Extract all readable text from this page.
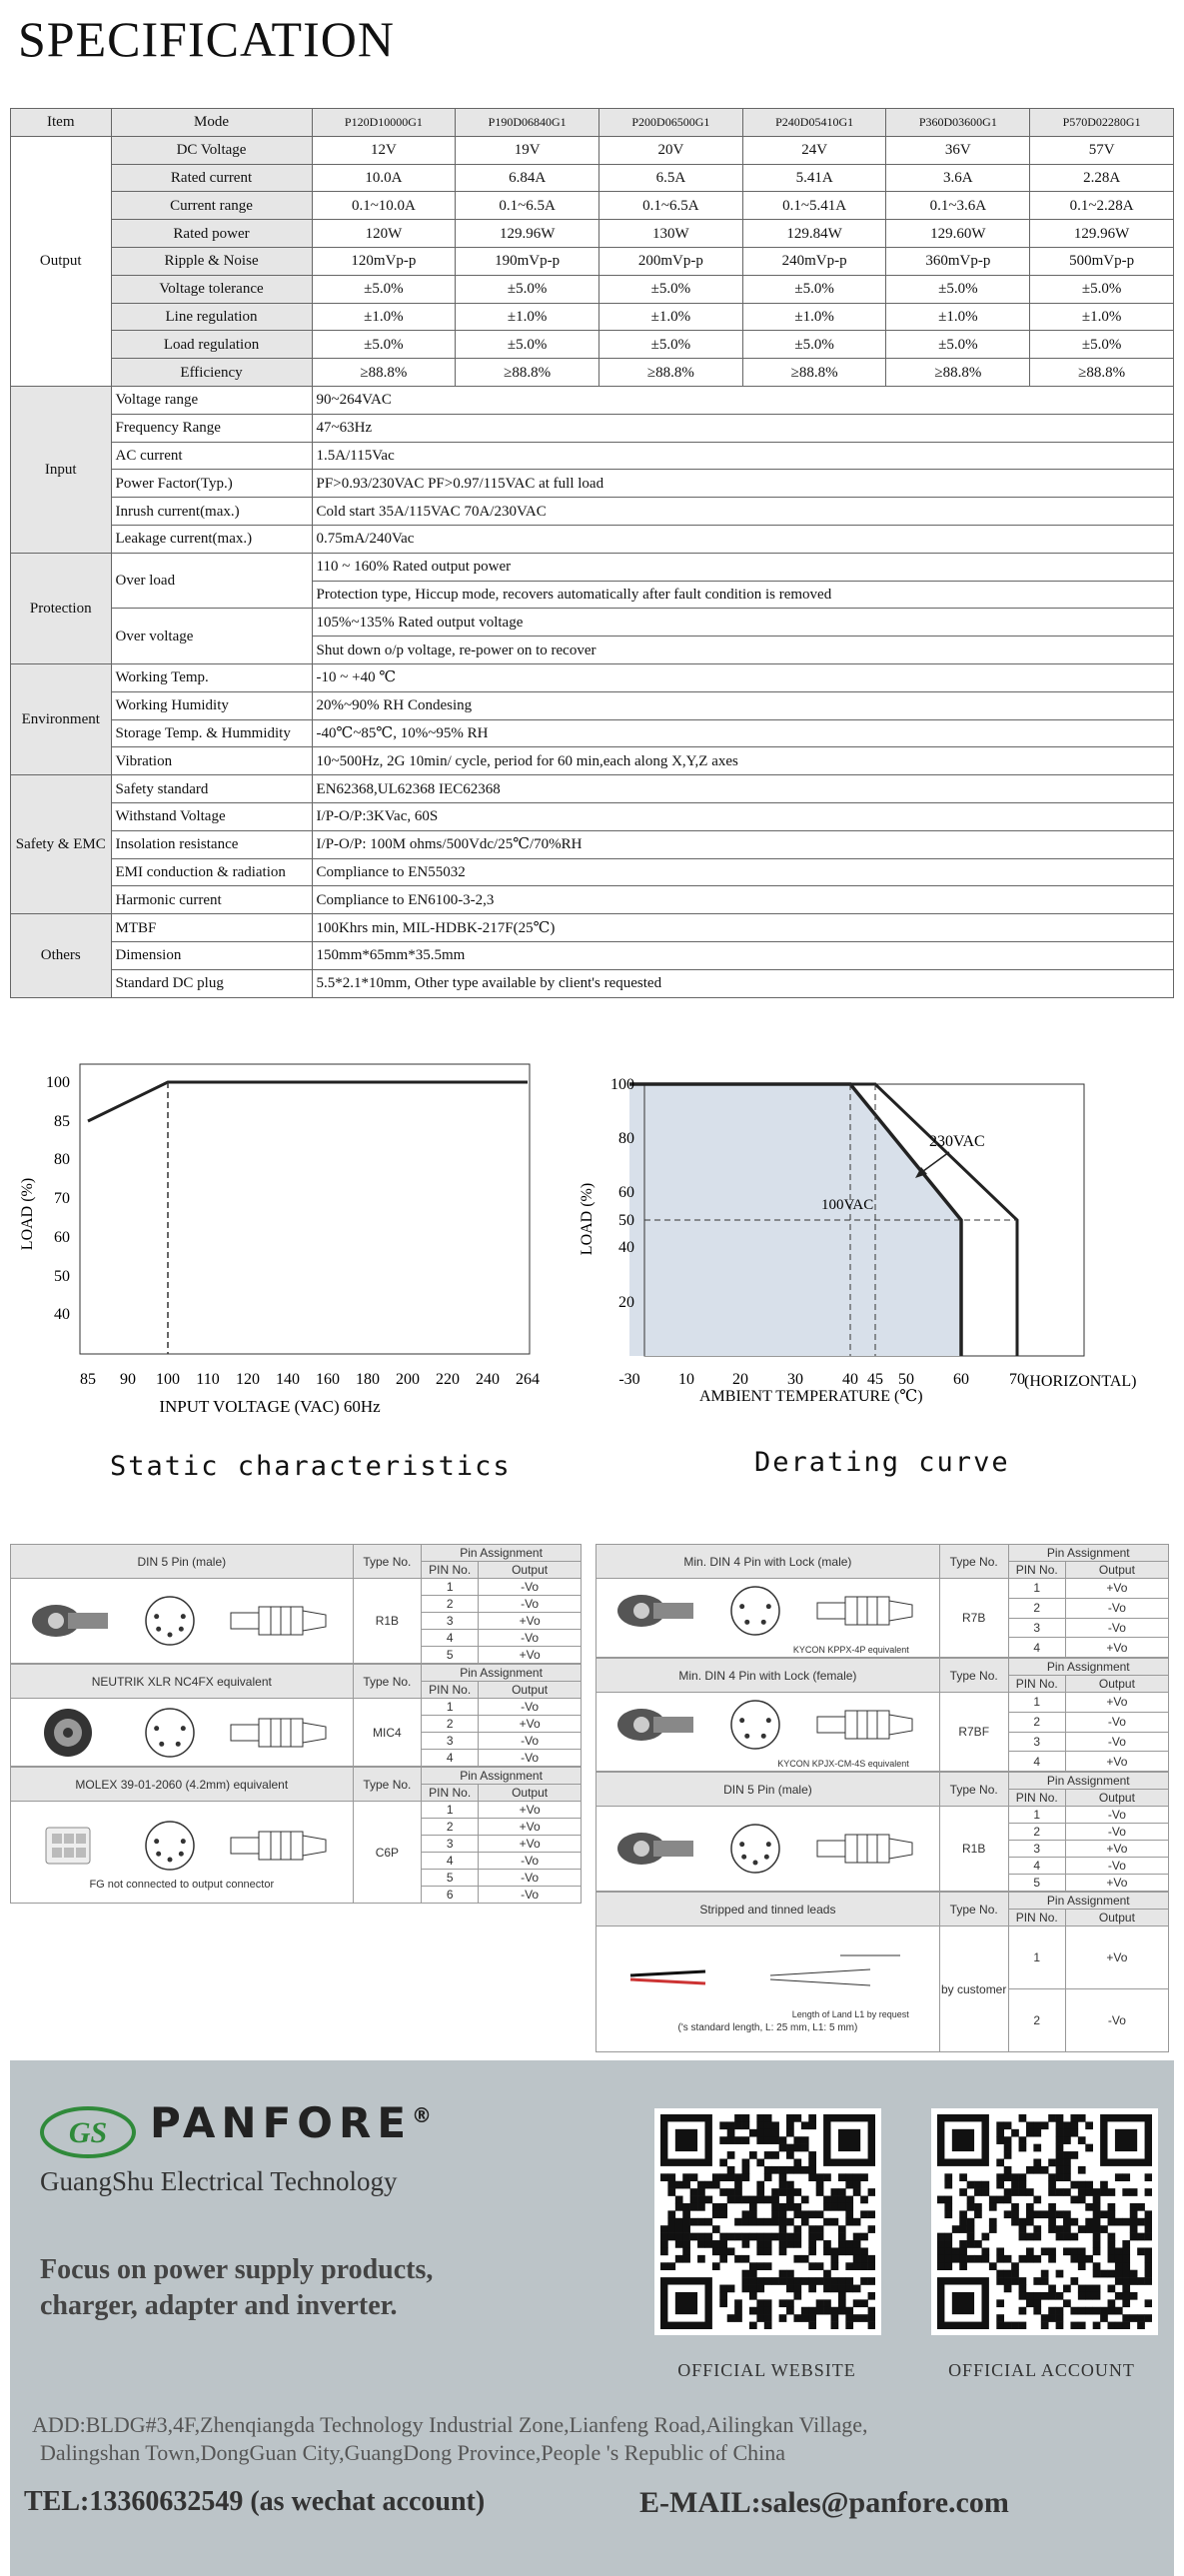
SPECIFICATION
Item	Mode	P120D10000G1	P190D06840G1	P200D06500G1	P240D05410G1	P360D03600G1	P570D02280G1
Output	DC Voltage	12V	19V	20V	24V	36V	57V
	Rated current	10.0A	6.84A	6.5A	5.41A	3.6A	2.28A
	Current range	0.1~10.0A	0.1~6.5A	0.1~6.5A	0.1~5.41A	0.1~3.6A	0.1~2.28A
	Rated power	120W	129.96W	130W	129.84W	129.60W	129.96W
	Ripple & Noise	120mVp-p	190mVp-p	200mVp-p	240mVp-p	360mVp-p	500mVp-p
	Voltage tolerance	±5.0%	±5.0%	±5.0%	±5.0%	±5.0%	±5.0%
	Line regulation	±1.0%	±1.0%	±1.0%	±1.0%	±1.0%	±1.0%
	Load regulation	±5.0%	±5.0%	±5.0%	±5.0%	±5.0%	±5.0%
	Efficiency	≥88.8%	≥88.8%	≥88.8%	≥88.8%	≥88.8%	≥88.8%
Input	Voltage range	90~264VAC					
	Frequency Range	47~63Hz					
	AC current	1.5A/115Vac					
	Power Factor(Typ.)	PF>0.93/230VAC PF>0.97/115VAC at full load					
	Inrush current(max.)	Cold start 35A/115VAC 70A/230VAC					
	Leakage current(max.)	0.75mA/240Vac					
Protection	Over load	110 ~ 160% Rated output power					
		Protection type, Hiccup mode, recovers automatically after fault condition is removed					
	Over voltage	105%~135% Rated output voltage					
		Shut down o/p voltage, re-power on to recover					
Environment	Working Temp.	-10 ~ +40 ℃					
	Working Humidity	20%~90% RH Condesing					
	Storage Temp. & Hummidity	-40℃~85℃, 10%~95% RH					
	Vibration	10~500Hz, 2G 10min/ cycle, period for 60 min,each along X,Y,Z axes					
Safety & EMC	Safety standard	EN62368,UL62368 IEC62368					
	Withstand Voltage	I/P-O/P:3KVac, 60S					
	Insolation resistance	I/P-O/P: 100M ohms/500Vdc/25℃/70%RH					
	EMI conduction & radiation	Compliance to EN55032					
	Harmonic current	Compliance to EN6100-3-2,3					
Others	MTBF	100Khrs min, MIL-HDBK-217F(25℃)					
	Dimension	150mm*65mm*35.5mm					
	Standard DC plug	5.5*2.1*10mm, Other type available by client's requested					
85 90 100 110 120 140 160 180 200 220 240 264
100
85
80
70
60
50
40
LOAD (%)
INPUT VOLTAGE (VAC) 60Hz
Static characteristics
100VAC
230VAC
-30 10 20 30 40 45 50 60	70 (HORIZONTAL)
100
80
60
50
40
20
LOAD (%)
AMBIENT TEMPERATURE (℃)
Derating curve
DIN 5 Pin (male)	Type No.	Pin Assignment	
		PIN No.	Output

	R1B	1	-Vo
		2	-Vo
		3	+Vo
		4	-Vo
		5	+Vo
NEUTRIK XLR NC4FX equivalent	Type No.	Pin Assignment	
		PIN No.	Output

	MIC4	1	-Vo
		2	+Vo
		3	-Vo
		4	-Vo
MOLEX 39-01-2060 (4.2mm) equivalent	Type No.	Pin Assignment	
		PIN No.	Output

FG not connected to output connector	C6P	1	+Vo
		2	+Vo
		3	+Vo
		4	-Vo
		5	-Vo
		6	-Vo
Min. DIN 4 Pin with Lock (male)	Type No.	Pin Assignment	
		PIN No.	Output

KYCON KPPX-4P equivalent	R7B	1	+Vo
		2	-Vo
		3	-Vo
		4	+Vo
Min. DIN 4 Pin with Lock (female)	Type No.	Pin Assignment	
		PIN No.	Output

KYCON KPJX-CM-4S equivalent	R7BF	1	+Vo
		2	-Vo
		3	-Vo
		4	+Vo
DIN 5 Pin (male)	Type No.	Pin Assignment	
		PIN No.	Output

	R1B	1	-Vo
		2	-Vo
		3	+Vo
		4	-Vo
		5	+Vo
Stripped and tinned leads	Type No.	Pin Assignment	
		PIN No.	Output

Length of Land L1 by request
('s standard length, L: 25 mm, L1: 5 mm)	by customer	1	+Vo
		2	-Vo
GS PANFORE®
GuangShu Electrical Technology
Focus on power supply products,
charger, adapter and inverter.
OFFICIAL WEBSITE	OFFICIAL ACCOUNT
ADD:BLDG#3,4F,Zhenqiangda Technology Industrial Zone,Lianfeng Road,Ailingkan Village,
Dalingshan Town,DongGuan City,GuangDong Province,People 's Republic of China
TEL:13360632549 (as wechat account)	E-MAIL:sales@panfore.com
